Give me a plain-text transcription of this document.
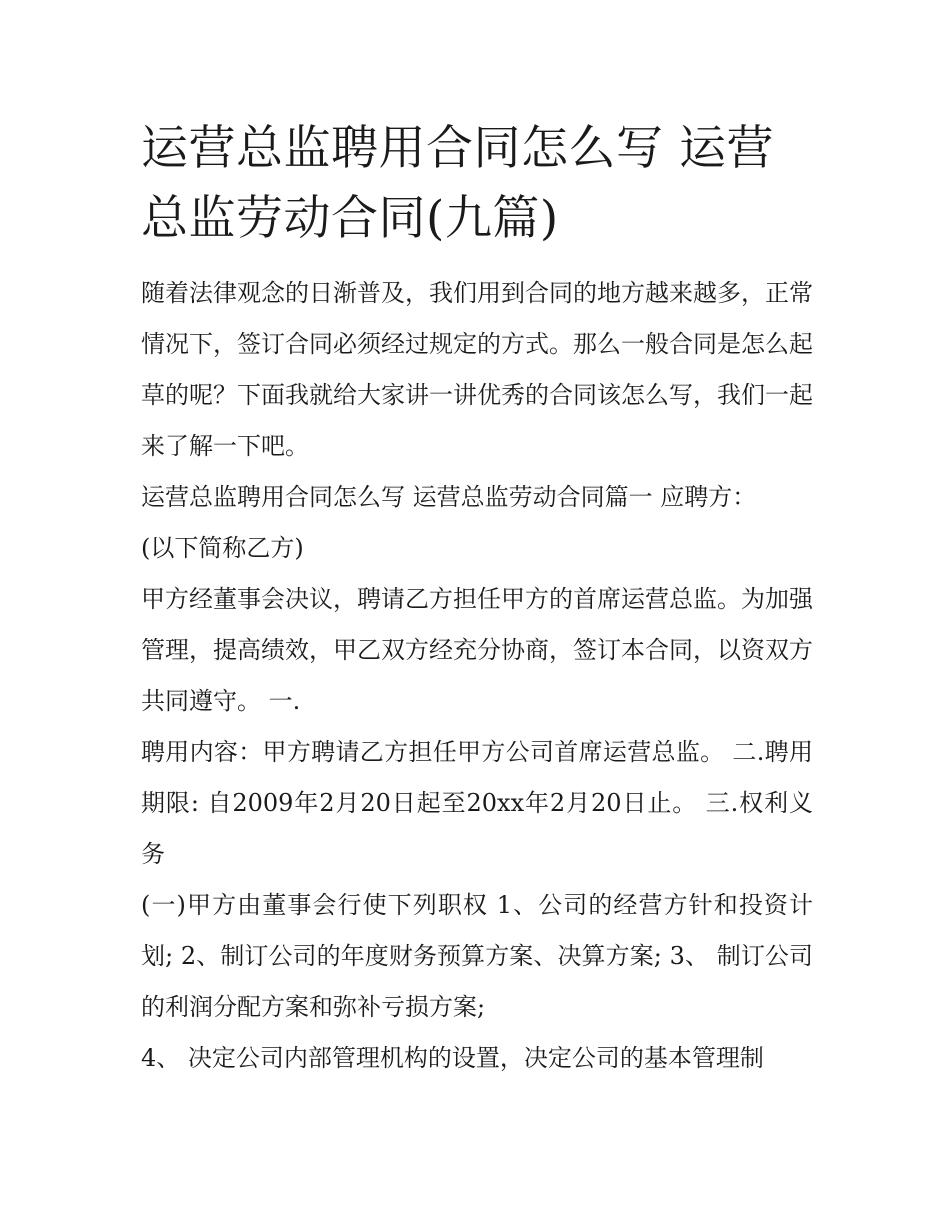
运营总监聘用合同怎么写 运营总监劳动合同(九篇)

随着法律观念的日渐普及，我们用到合同的地方越来越多，正常情况下，签订合同必须经过规定的方式。那么一般合同是怎么起草的呢？下面我就给大家讲一讲优秀的合同该怎么写，我们一起来了解一下吧。

运营总监聘用合同怎么写 运营总监劳动合同篇一 应聘方：

(以下简称乙方)

甲方经董事会决议，聘请乙方担任甲方的首席运营总监。为加强管理，提高绩效，甲乙双方经充分协商，签订本合同，以资双方共同遵守。 一.

聘用内容：甲方聘请乙方担任甲方公司首席运营总监。 二.聘用期限: 自2009年2月20日起至20xx年2月20日止。 三.权利义务

(一)甲方由董事会行使下列职权 1、公司的经营方针和投资计划; 2、制订公司的年度财务预算方案、决算方案; 3、 制订公司的利润分配方案和弥补亏损方案;

4、 决定公司内部管理机构的设置，决定公司的基本管理制
